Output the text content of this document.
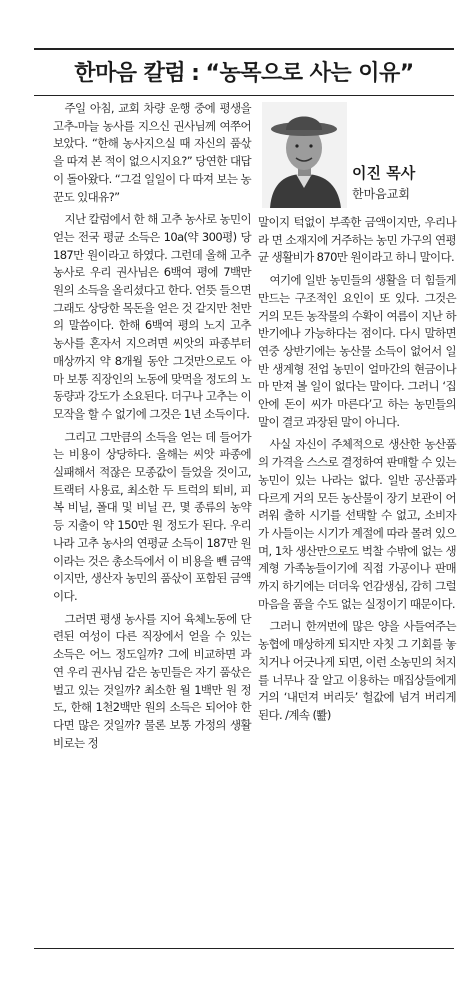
한마음 칼럼 : “농목으로 사는 이유”

주일 아침, 교회 차량 운행 중에 평생을 고추-마늘 농사를 지으신 권사님께 여쭈어보았다. “한해 농사지으실 때 자신의 품삯을 따져 본 적이 없으시지요?” 당연한 대답이 돌아왔다. “그걸 일일이 다 따져 보는 농꾼도 있대유?”

지난 칼럼에서 한 해 고추 농사로 농민이 얻는 전국 평균 소득은 10a(약 300평) 당 187만 원이라고 하였다. 그런데 올해 고추 농사로 우리 권사님은 6백여 평에 7백만 원의 소득을 올리셨다고 한다. 언뜻 들으면 그래도 상당한 목돈을 얻은 것 같지만 천만의 말씀이다. 한해 6백여 평의 노지 고추 농사를 혼자서 지으려면 씨앗의 파종부터 매상까지 약 8개월 동안 그것만으로도 아마 보통 직장인의 노동에 맞먹을 정도의 노동량과 강도가 소요된다. 더구나 고추는 이모작을 할 수 없기에 그것은 1년 소득이다.

그리고 그만큼의 소득을 얻는 데 들어가는 비용이 상당하다. 올해는 씨앗 파종에 실패해서 적잖은 모종값이 들었을 것이고, 트랙터 사용료, 최소한 두 트럭의 퇴비, 피복 비닐, 폴대 및 비닐 끈, 몇 종류의 농약 등 지출이 약 150만 원 정도가 된다. 우리나라 고추 농사의 연평균 소득이 187만 원이라는 것은 총소득에서 이 비용을 뺀 금액이지만, 생산자 농민의 품삯이 포함된 금액이다.

그러면 평생 농사를 지어 육체노동에 단련된 여성이 다른 직장에서 얻을 수 있는 소득은 어느 정도일까? 그에 비교하면 과연 우리 권사님 같은 농민들은 자기 품삯은 벌고 있는 것일까? 최소한 월 1백만 원 정도, 한해 1천2백만 원의 소득은 되어야 한다면 많은 것일까? 물론 보통 가정의 생활비로는 정

이진 목사
한마음교회

말이지 턱없이 부족한 금액이지만, 우리나라 면 소재지에 거주하는 농민 가구의 연평균 생활비가 870만 원이라고 하니 말이다.

여기에 일반 농민들의 생활을 더 힘들게 만드는 구조적인 요인이 또 있다. 그것은 거의 모든 농작물의 수확이 여름이 지난 하반기에나 가능하다는 점이다. 다시 말하면 연중 상반기에는 농산물 소득이 없어서 일반 생계형 전업 농민이 얼마간의 현금이나마 만져 볼 일이 없다는 말이다. 그러니 ‘집안에 돈이 씨가 마른다’고 하는 농민들의 말이 결코 과장된 말이 아니다.

사실 자신이 주체적으로 생산한 농산품의 가격을 스스로 결정하여 판매할 수 있는 농민이 있는 나라는 없다. 일반 공산품과 다르게 거의 모든 농산물이 장기 보관이 어려워 출하 시기를 선택할 수 없고, 소비자가 사들이는 시기가 계절에 따라 몰려 있으며, 1차 생산만으로도 벅찰 수밖에 없는 생계형 가족농들이기에 직접 가공이나 판매까지 하기에는 더더욱 언감생심, 감히 그럴 마음을 품을 수도 없는 실정이기 때문이다.

그러니 한꺼번에 많은 양을 사들여주는 농협에 매상하게 되지만 자칫 그 기회를 놓치거나 어긋나게 되면, 이런 소농민의 처지를 너무나 잘 알고 이용하는 매집상들에게 거의 ‘내던져 버리듯’ 헐값에 넘겨 버리게 된다. /계속 (뽪)
